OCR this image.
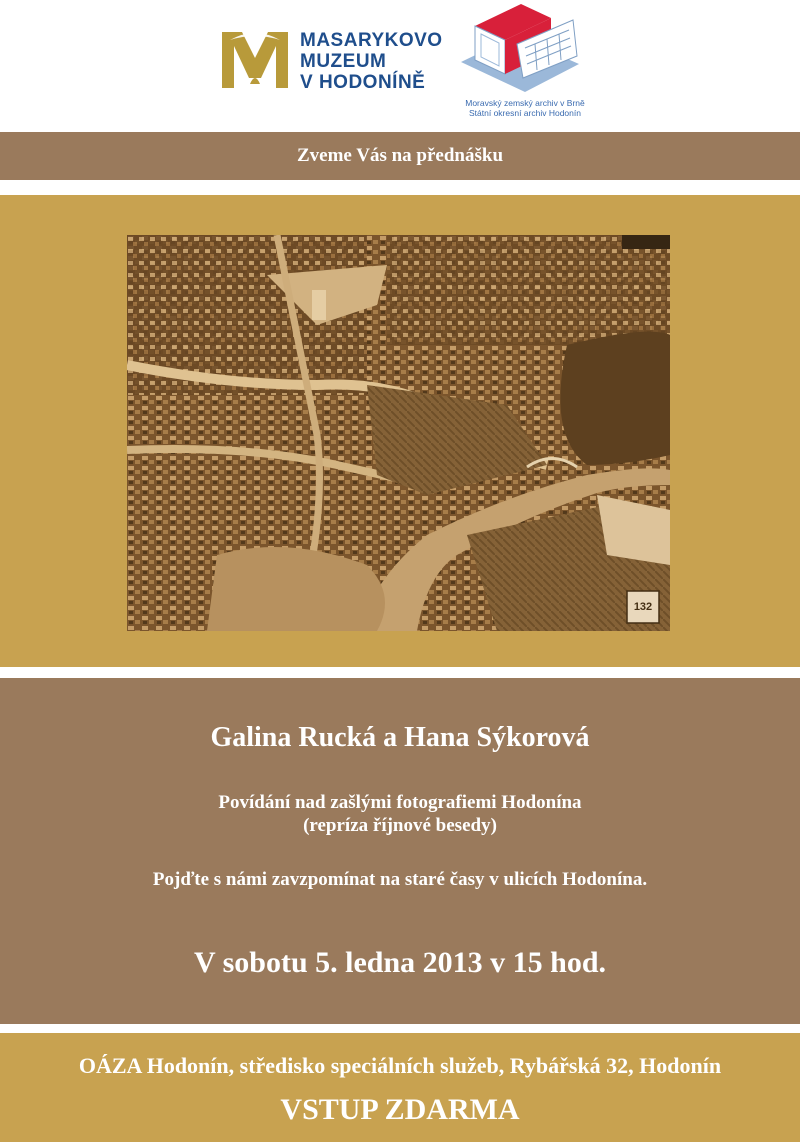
MASARYKOVO
MUZEUM
V HODONÍNĚ
Moravský zemský archiv v Brně
Státní okresní archiv Hodonín
Zveme Vás na přednášku
132
Galina Rucká a Hana Sýkorová
Povídání nad zašlými fotografiemi Hodonína
(repríza říjnové besedy)
Pojďte s námi zavzpomínat na staré časy v ulicích Hodonína.
V sobotu 5. ledna 2013 v 15 hod.
OÁZA Hodonín, středisko speciálních služeb, Rybářská 32, Hodonín
VSTUP ZDARMA
